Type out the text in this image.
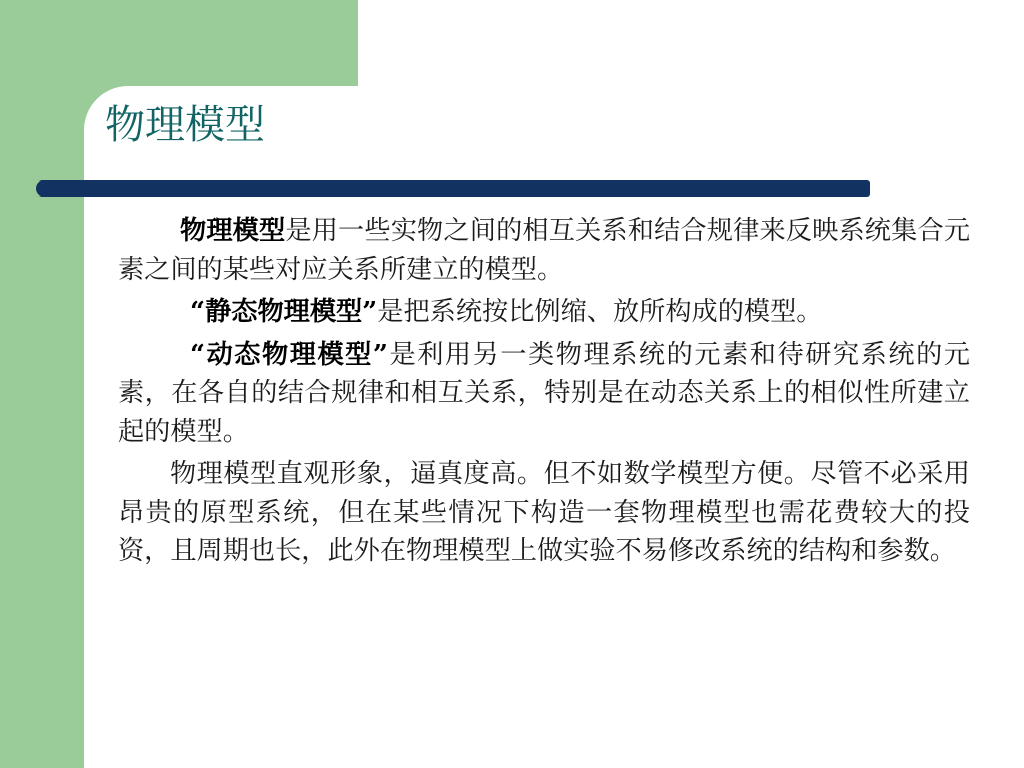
物理模型

物理模型是用一些实物之间的相互关系和结合规律来反映系统集合元素之间的某些对应关系所建立的模型。

“静态物理模型”是把系统按比例缩、放所构成的模型。

“动态物理模型”是利用另一类物理系统的元素和待研究系统的元素，在各自的结合规律和相互关系，特别是在动态关系上的相似性所建立起的模型。

物理模型直观形象，逼真度高。但不如数学模型方便。尽管不必采用昂贵的原型系统，但在某些情况下构造一套物理模型也需花费较大的投资，且周期也长，此外在物理模型上做实验不易修改系统的结构和参数。
